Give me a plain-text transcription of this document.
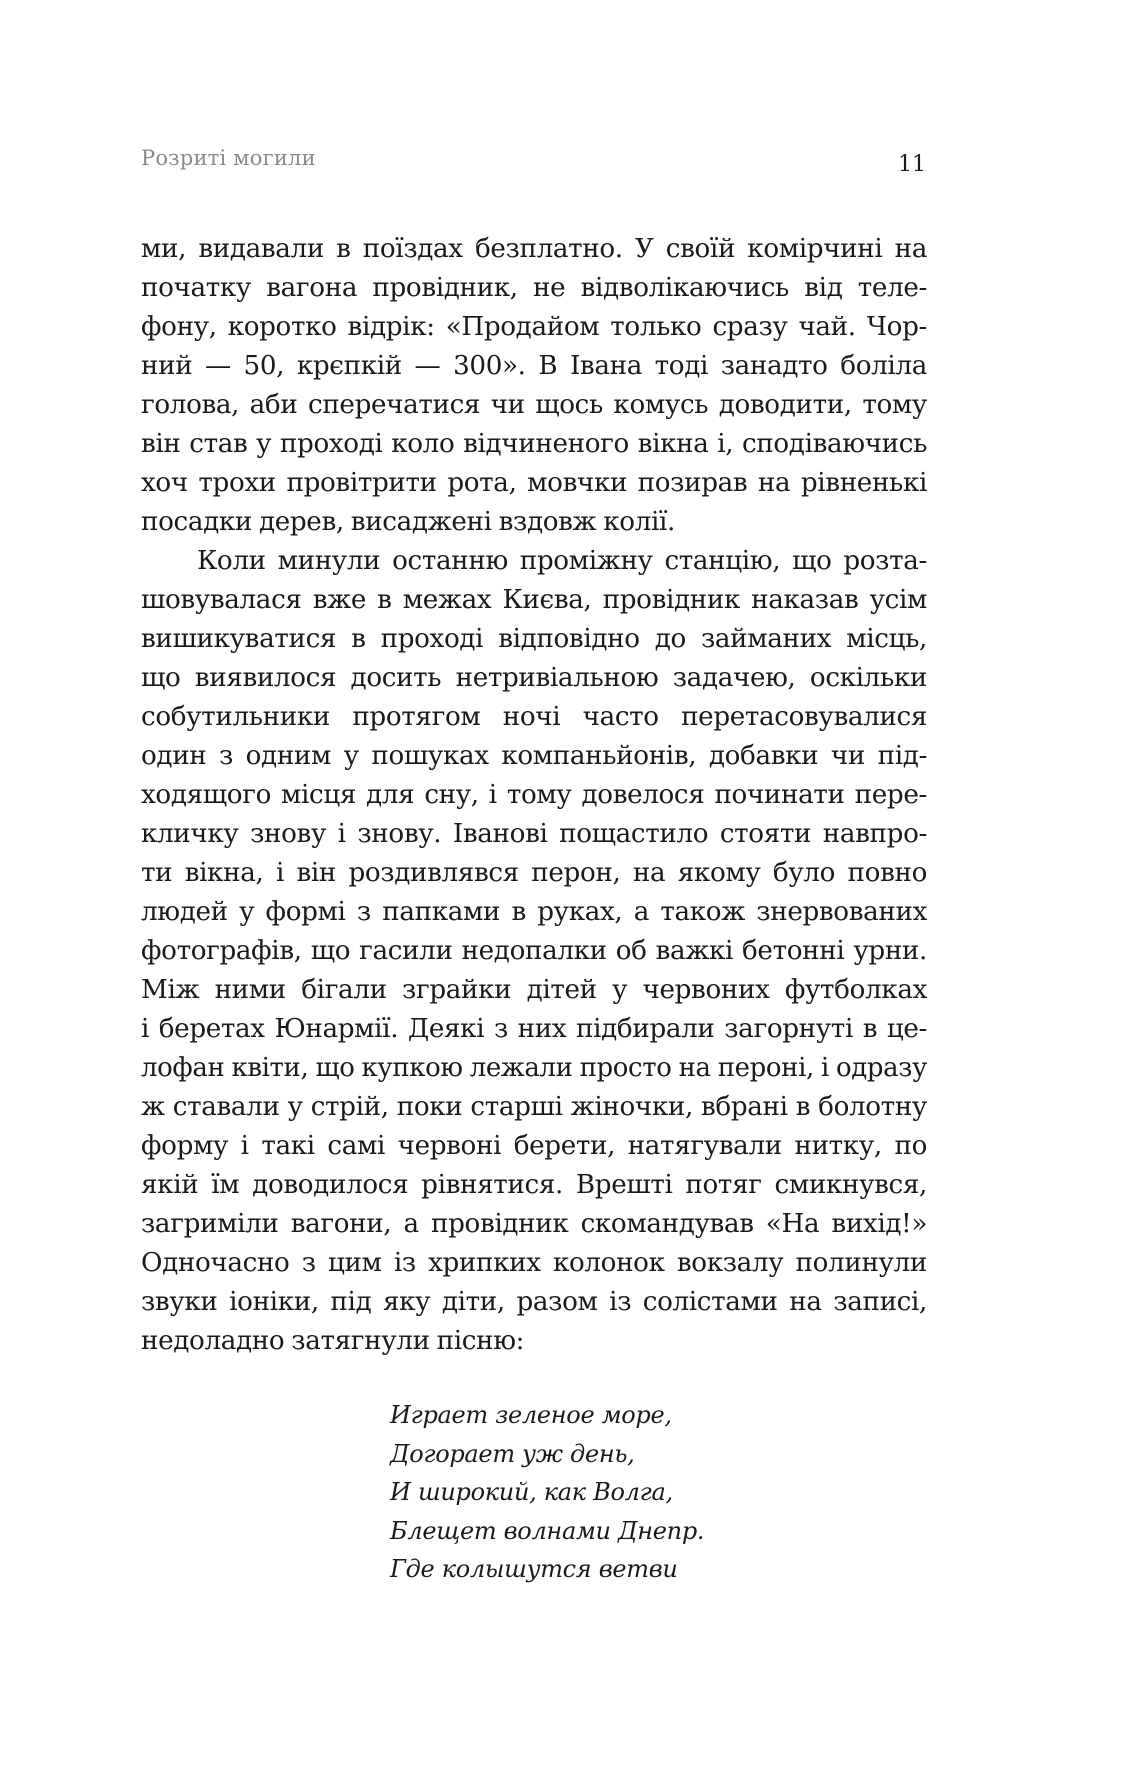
Розриті могили	11
ми, видавали в поїздах безплатно. У своїй комірчині на
початку вагона провідник, не відволікаючись від теле-
фону, коротко відрік: «Продайом только сразу чай. Чор-
ний — 50, крєпкій — 300». В Івана тоді занадто боліла
голова, аби сперечатися чи щось комусь доводити, тому
він став у проході коло відчиненого вікна і, сподіваючись
хоч трохи провітрити рота, мовчки позирав на рівненькі
посадки дерев, висаджені вздовж колії.
Коли минули останню проміжну станцію, що розта-
шовувалася вже в межах Києва, провідник наказав усім
вишикуватися в проході відповідно до займаних місць,
що виявилося досить нетривіальною задачею, оскільки
собутильники протягом ночі часто перетасовувалися
один з одним у пошуках компаньйонів, добавки чи під-
ходящого місця для сну, і тому довелося починати пере-
кличку знову і знову. Іванові пощастило стояти навпро-
ти вікна, і він роздивлявся перон, на якому було повно
людей у формі з папками в руках, а також знервованих
фотографів, що гасили недопалки об важкі бетонні урни.
Між ними бігали зграйки дітей у червоних футболках
і беретах Юнармії. Деякі з них підбирали загорнуті в це-
лофан квіти, що купкою лежали просто на пероні, і одразу
ж ставали у стрій, поки старші жіночки, вбрані в болотну
форму і такі самі червоні берети, натягували нитку, по
якій їм доводилося рівнятися. Врешті потяг смикнувся,
загриміли вагони, а провідник скомандував «На вихід!»
Одночасно з цим із хрипких колонок вокзалу полинули
звуки іоніки, під яку діти, разом із солістами на записі,
недоладно затягнули пісню:
Играет зеленое море,
Догорает уж день,
И широкий, как Волга,
Блещет волнами Днепр.
Где колышутся ветви
